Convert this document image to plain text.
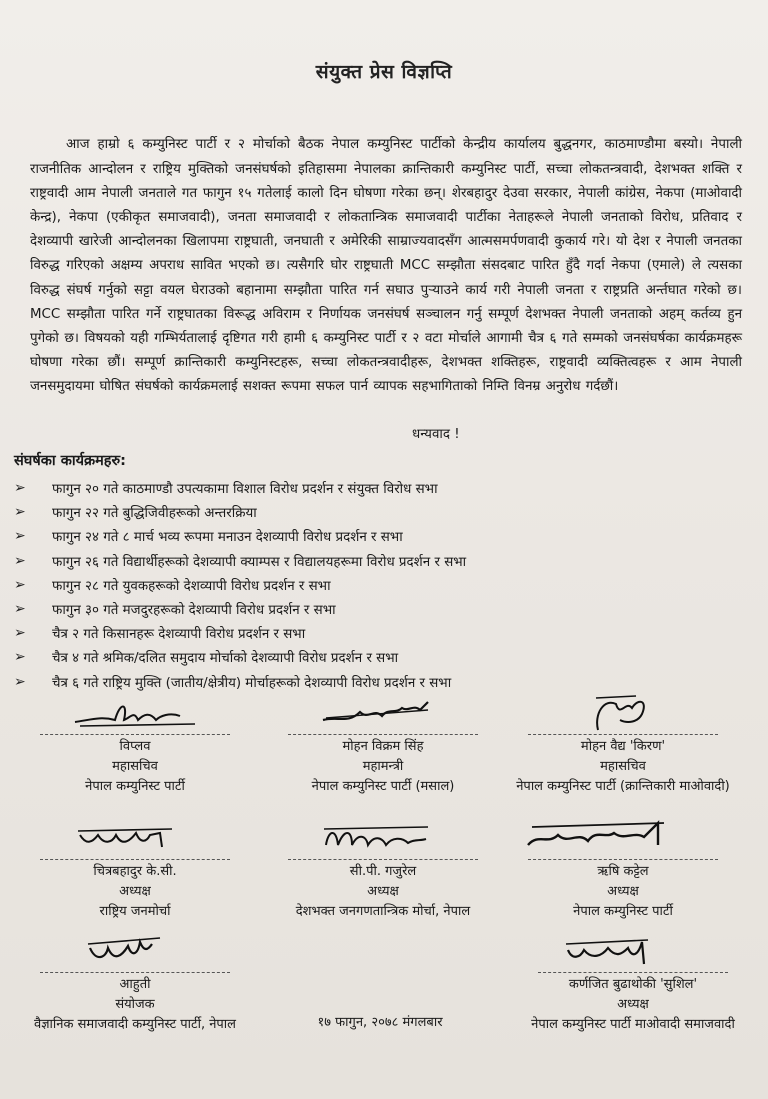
संयुक्त प्रेस विज्ञप्ति

आज हाम्रो ६ कम्युनिस्ट पार्टी र २ मोर्चाको बैठक नेपाल कम्युनिस्ट पार्टीको केन्द्रीय कार्यालय बुद्धनगर, काठमाण्डौमा बस्यो। नेपाली राजनीतिक आन्दोलन र राष्ट्रिय मुक्तिको जनसंघर्षको इतिहासमा नेपालका क्रान्तिकारी कम्युनिस्ट पार्टी, सच्चा लोकतन्त्रवादी, देशभक्त शक्ति र राष्ट्रवादी आम नेपाली जनताले गत फागुन १५ गतेलाई कालो दिन घोषणा गरेका छन्। शेरबहादुर देउवा सरकार, नेपाली कांग्रेस, नेकपा (माओवादी केन्द्र), नेकपा (एकीकृत समाजवादी), जनता समाजवादी र लोकतान्त्रिक समाजवादी पार्टीका नेताहरूले नेपाली जनताको विरोध, प्रतिवाद र देशव्यापी खारेजी आन्दोलनका खिलापमा राष्ट्रघाती, जनघाती र अमेरिकी साम्राज्यवादसँग आत्मसमर्पणवादी कुकार्य गरे। यो देश र नेपाली जनतका विरुद्ध गरिएको अक्षम्य अपराध सावित भएको छ। त्यसैगरि घोर राष्ट्रघाती MCC सम्झौता संसदबाट पारित हुँदै गर्दा नेकपा (एमाले) ले त्यसका विरुद्ध संघर्ष गर्नुको सट्टा वयल घेराउको बहानामा सम्झौता पारित गर्न सघाउ पुऱ्याउने कार्य गरी नेपाली जनता र राष्ट्रप्रति अर्न्तघात गरेको छ। MCC सम्झौता पारित गर्ने राष्ट्रघातका विरूद्ध अविराम र निर्णायक जनसंघर्ष सञ्चालन गर्नु सम्पूर्ण देशभक्त नेपाली जनताको अहम् कर्तव्य हुन पुगेको छ। विषयको यही गम्भिर्यतालाई दृष्टिगत गरी हामी ६ कम्युनिस्ट पार्टी र २ वटा मोर्चाले आगामी चैत्र ६ गते सम्मको जनसंघर्षका कार्यक्रमहरू घोषणा गरेका छौं। सम्पूर्ण क्रान्तिकारी कम्युनिस्टहरू, सच्चा लोकतन्त्रवादीहरू, देशभक्त शक्तिहरू, राष्ट्रवादी व्यक्तित्वहरू र आम नेपाली जनसमुदायमा घोषित संघर्षको कार्यक्रमलाई सशक्त रूपमा सफल पार्न व्यापक सहभागिताको निम्ति विनम्र अनुरोध गर्दछौं।

धन्यवाद !
संघर्षका कार्यक्रमहरु:
➢	फागुन २० गते काठमाण्डौ उपत्यकामा विशाल विरोध प्रदर्शन र संयुक्त विरोध सभा
➢	फागुन २२ गते बुद्धिजिवीहरूको अन्तरक्रिया
➢	फागुन २४ गते ८ मार्च भव्य रूपमा मनाउन देशव्यापी विरोध प्रदर्शन र सभा
➢	फागुन २६ गते विद्यार्थीहरूको देशव्यापी क्याम्पस र विद्यालयहरूमा विरोध प्रदर्शन र सभा
➢	फागुन २८ गते युवकहरूको देशव्यापी विरोध प्रदर्शन र सभा
➢	फागुन ३० गते मजदुरहरूको देशव्यापी विरोध प्रदर्शन र सभा
➢	चैत्र २ गते किसानहरू देशव्यापी विरोध प्रदर्शन र सभा
➢	चैत्र ४ गते श्रमिक/दलित समुदाय मोर्चाको देशव्यापी विरोध प्रदर्शन र सभा
➢	चैत्र ६ गते राष्ट्रिय मुक्ति (जातीय/क्षेत्रीय) मोर्चाहरूको देशव्यापी विरोध प्रदर्शन र सभा
विप्लव
महासचिव
नेपाल कम्युनिस्ट पार्टी
मोहन विक्रम सिंह
महामन्त्री
नेपाल कम्युनिस्ट पार्टी (मसाल)
मोहन वैद्य 'किरण'
महासचिव
नेपाल कम्युनिस्ट पार्टी (क्रान्तिकारी माओवादी)
चित्रबहादुर के.सी.
अध्यक्ष
राष्ट्रिय जनमोर्चा
सी.पी. गजुरेल
अध्यक्ष
देशभक्त जनगणतान्त्रिक मोर्चा, नेपाल
ऋषि कट्टेल
अध्यक्ष
नेपाल कम्युनिस्ट पार्टी
आहुती
संयोजक
वैज्ञानिक समाजवादी कम्युनिस्ट पार्टी, नेपाल	१७ फागुन, २०७८ मंगलबार
कर्णजित बुढाथोकी 'सुशिल'
अध्यक्ष
नेपाल कम्युनिस्ट पार्टी माओवादी समाजवादी
